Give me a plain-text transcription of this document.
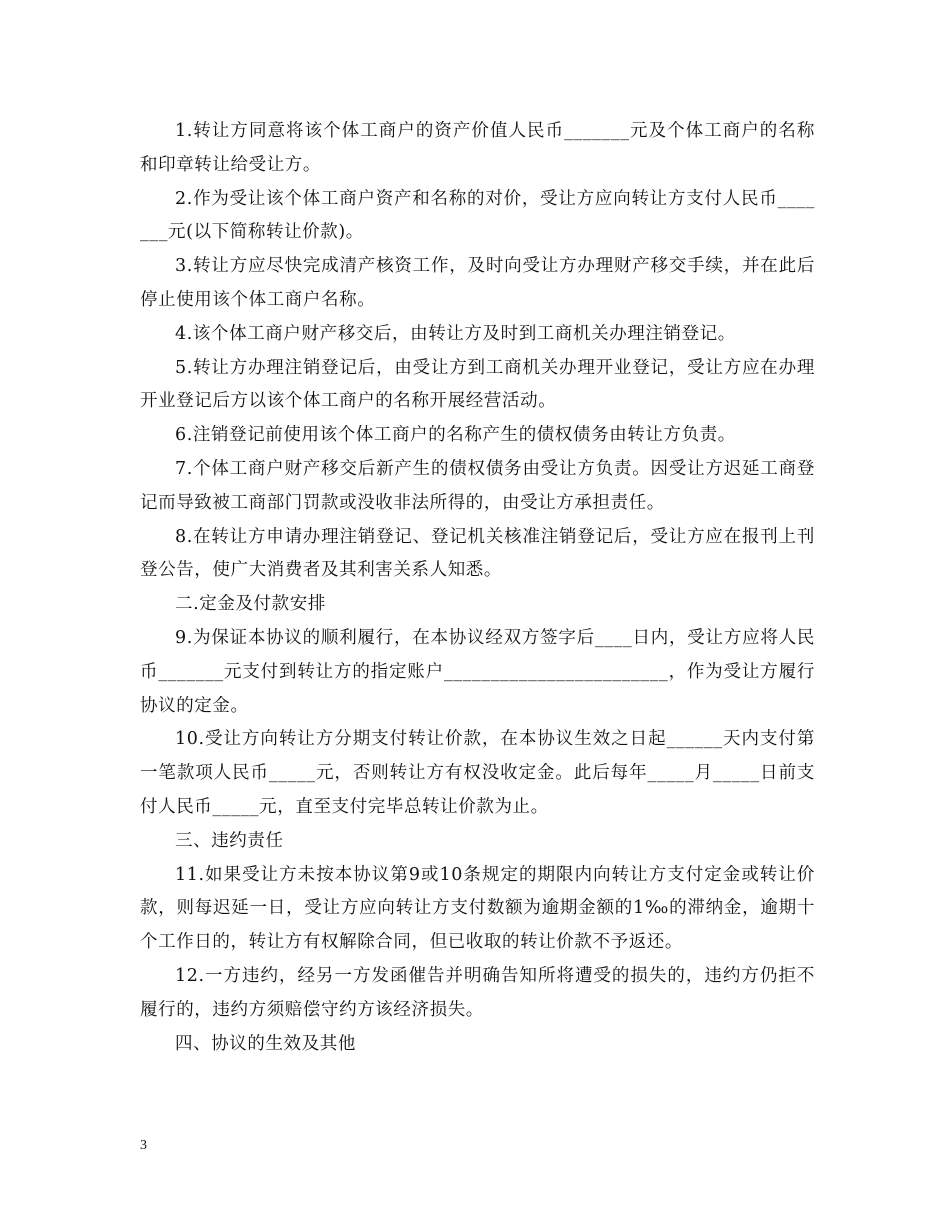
1.转让方同意将该个体工商户的资产价值人民币_______元及个体工商户的名称和印章转让给受让方。

2.作为受让该个体工商户资产和名称的对价，受让方应向转让方支付人民币_______元(以下简称转让价款)。

3.转让方应尽快完成清产核资工作，及时向受让方办理财产移交手续，并在此后停止使用该个体工商户名称。

4.该个体工商户财产移交后，由转让方及时到工商机关办理注销登记。

5.转让方办理注销登记后，由受让方到工商机关办理开业登记，受让方应在办理开业登记后方以该个体工商户的名称开展经营活动。

6.注销登记前使用该个体工商户的名称产生的债权债务由转让方负责。

7.个体工商户财产移交后新产生的债权债务由受让方负责。因受让方迟延工商登记而导致被工商部门罚款或没收非法所得的，由受让方承担责任。

8.在转让方申请办理注销登记、登记机关核准注销登记后，受让方应在报刊上刊登公告，使广大消费者及其利害关系人知悉。

二.定金及付款安排

9.为保证本协议的顺利履行，在本协议经双方签字后____日内，受让方应将人民币_______元支付到转让方的指定账户________________________，作为受让方履行协议的定金。

10.受让方向转让方分期支付转让价款，在本协议生效之日起______天内支付第一笔款项人民币_____元，否则转让方有权没收定金。此后每年_____月_____日前支付人民币_____元，直至支付完毕总转让价款为止。

三、违约责任

11.如果受让方未按本协议第9或10条规定的期限内向转让方支付定金或转让价款，则每迟延一日，受让方应向转让方支付数额为逾期金额的1‰的滞纳金，逾期十个工作日的，转让方有权解除合同，但已收取的转让价款不予返还。

12.一方违约，经另一方发函催告并明确告知所将遭受的损失的，违约方仍拒不履行的，违约方须赔偿守约方该经济损失。

四、协议的生效及其他

3
